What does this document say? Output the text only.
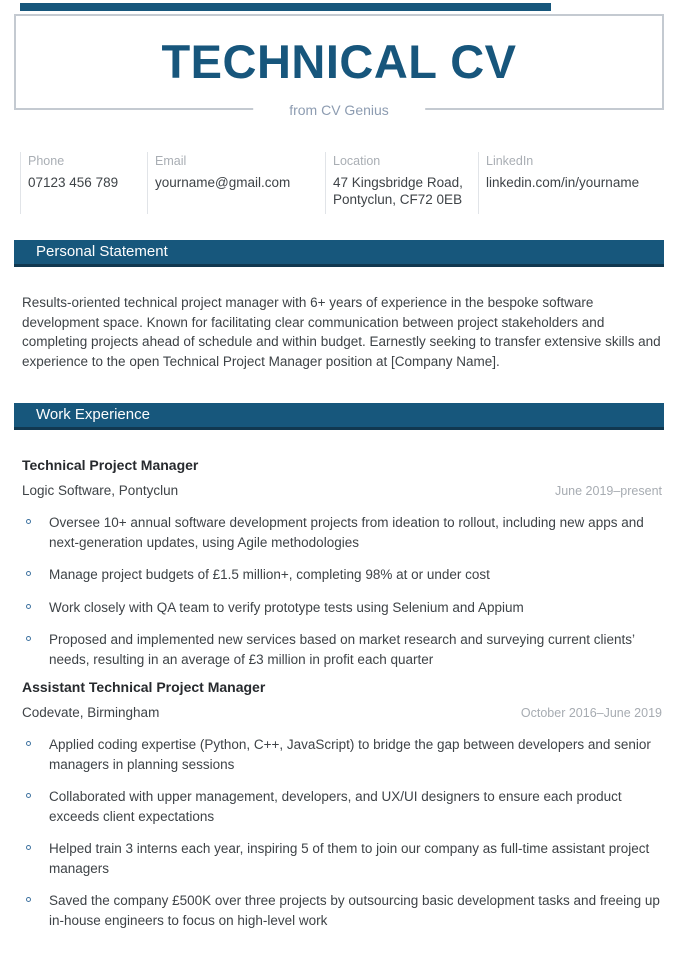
TECHNICAL CV
from CV Genius
Phone
07123 456 789
Email
yourname@gmail.com
Location
47 Kingsbridge Road, Pontyclun, CF72 0EB
LinkedIn
linkedin.com/in/yourname
Personal Statement

Results-oriented technical project manager with 6+ years of experience in the bespoke software development space. Known for facilitating clear communication between project stakeholders and completing projects ahead of schedule and within budget. Earnestly seeking to transfer extensive skills and experience to the open Technical Project Manager position at [Company Name].

Work Experience
Technical Project Manager
Logic Software, Pontyclun	June 2019–present
Oversee 10+ annual software development projects from ideation to rollout, including new apps and next-generation updates, using Agile methodologies
Manage project budgets of £1.5 million+, completing 98% at or under cost
Work closely with QA team to verify prototype tests using Selenium and Appium
Proposed and implemented new services based on market research and surveying current clients’ needs, resulting in an average of £3 million in profit each quarter
Assistant Technical Project Manager
Codevate, Birmingham	October 2016–June 2019
Applied coding expertise (Python, C++, JavaScript) to bridge the gap between developers and senior managers in planning sessions
Collaborated with upper management, developers, and UX/UI designers to ensure each product exceeds client expectations
Helped train 3 interns each year, inspiring 5 of them to join our company as full-time assistant project managers
Saved the company £500K over three projects by outsourcing basic development tasks and freeing up in-house engineers to focus on high-level work
